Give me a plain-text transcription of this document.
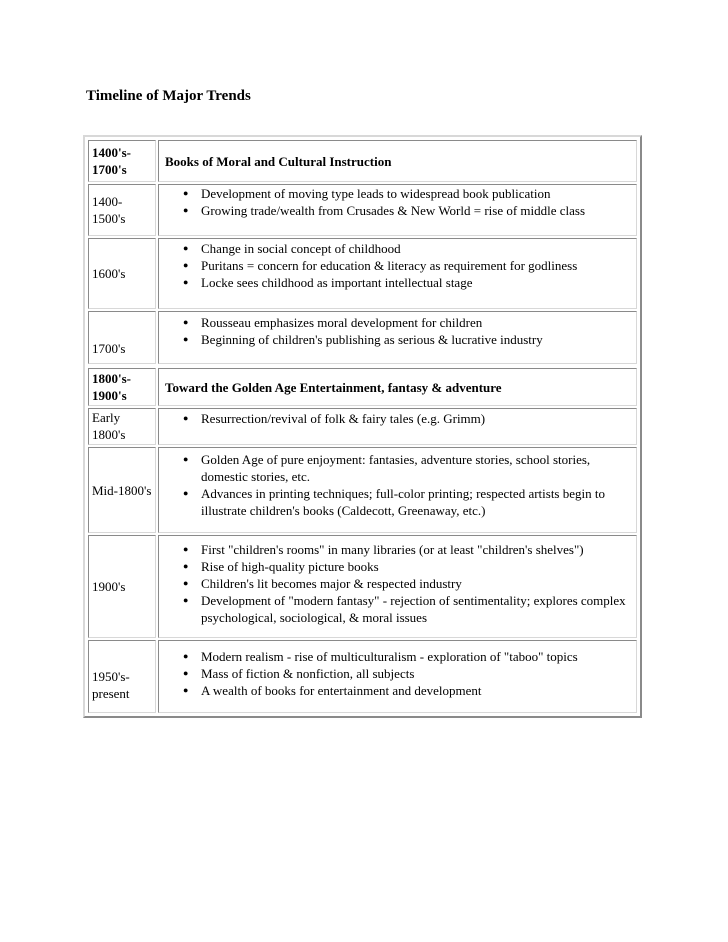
Timeline of Major Trends
1400's-1700's
Books of Moral and Cultural Instruction
1400-1500's
● Development of moving type leads to widespread book publication
● Growing trade/wealth from Crusades & New World = rise of middle class
1600's
● Change in social concept of childhood
● Puritans = concern for education & literacy as requirement for godliness
● Locke sees childhood as important intellectual stage
1700's
● Rousseau emphasizes moral development for children
● Beginning of children's publishing as serious & lucrative industry
1800's-1900's
Toward the Golden Age Entertainment, fantasy & adventure
Early 1800's
● Resurrection/revival of folk & fairy tales (e.g. Grimm)
Mid-1800's
● Golden Age of pure enjoyment: fantasies, adventure stories, school stories, domestic stories, etc.
● Advances in printing techniques; full-color printing; respected artists begin to illustrate children's books (Caldecott, Greenaway, etc.)
1900's
● First "children's rooms" in many libraries (or at least "children's shelves")
● Rise of high-quality picture books
● Children's lit becomes major & respected industry
● Development of "modern fantasy" - rejection of sentimentality; explores complex psychological, sociological, & moral issues
1950's-present
● Modern realism - rise of multiculturalism - exploration of "taboo" topics
● Mass of fiction & nonfiction, all subjects
● A wealth of books for entertainment and development
